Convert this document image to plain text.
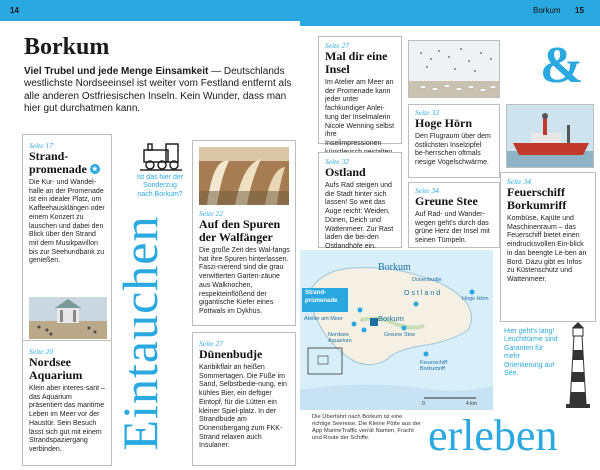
14	Borkum 15
Borkum
Viel Trubel und jede Menge Einsamkeit — Deutschlands westlichste Nordseeinsel ist weiter vom Festland entfernt als alle anderen Ostfriesischen Inseln. Kein Wunder, dass man hier gut durchatmen kann.
Seite 17
Strand-promenade ★
Die Kur- und Wandel-halle an der Promenade ist ein idealer Platz, um Kaffeehausklängen oder einem Konzert zu lauschen und dabei den Blick über den Strand mit dem Musikpavillon bis zur Seehundbank zu genießen.
Seite 20
Nordsee Aquarium
Klein aber interes-sant – das Aquarium präsentiert das maritime Leben im Meer vor der Haustür. Sein Besuch lässt sich gut mit einem Strandspaziergang verbinden.
Ist das hier der Sonderzug nach Borkum?
Eintauchen
Seite 22
Auf den Spuren der Walfänger
Die große Zeit des Wal-fangs hat ihre Spuren hinterlassen. Faszi-nierend sind die grau verwitterten Garten-zäune aus Walknochen, respekteinflößend der gigantische Kiefer eines Pottwals im Dykhus.
Seite 27
Dünenbudje
Karibikflair an heißen Sommertagen. Die Füße im Sand, Selbstbedie-nung, ein kühles Bier, ein deftiger Eintopf, für die Lütten ein kleiner Spiel-platz. In der Strandbude am Dünenübergang zum FKK-Strand relaxen auch Insulaner.
Seite 27
Mal dir eine Insel
Im Atelier am Meer an der Promenade kann jeder unter fachkundiger Anlei-tung der Inselmalerin Nicole Wenning selbst ihre Inselimpressionen
Seite 32
Ostland
Aufs Rad steigen und die Stadt hinter sich lassen! So weit das Auge reicht: Weiden, Dünen, Deich und Wattenmeer. Zur Rast laden die bei-den Ostlandhöfe ein.
Seite 33
Hoge Hörn
Den Flugraum über dem östlichsten Inselzipfel be-herrschen oftmals riesige Vogelschwärme.
Seite 34
Greune Stee
Auf Rad- und Wander-wegen geht's durch das grüne Herz der Insel mit seinen Tümpeln.
Seite 34
Feuerschiff Borkumriff
Kombüse, Kajüte und Maschinenraum – das Feuerschiff bietet einen eindrucksvollen Ein-blick in das beengte Le-ben an Bord. Dazu gibt es Infos zu Küstenschutz und Wattenmeer.
&
Hier geht's lang! Leuchttürme sind Garanten für mehr Orientierung auf See.
Borkum
Dünenbudje
Ostland
Hoge Hörn
Strand-promenade
Atelier am Meer	Borkum
Nordsee Aquarium
Greune Stee
Feuerschiff Borkumriff
0	4 km
Die Überfahrt nach Borkum ist eine richtige Seereise. Die Kleine Pötte aus der App MarineTraffic verrät Namen, Fracht und Route der Schiffe.	erleben
